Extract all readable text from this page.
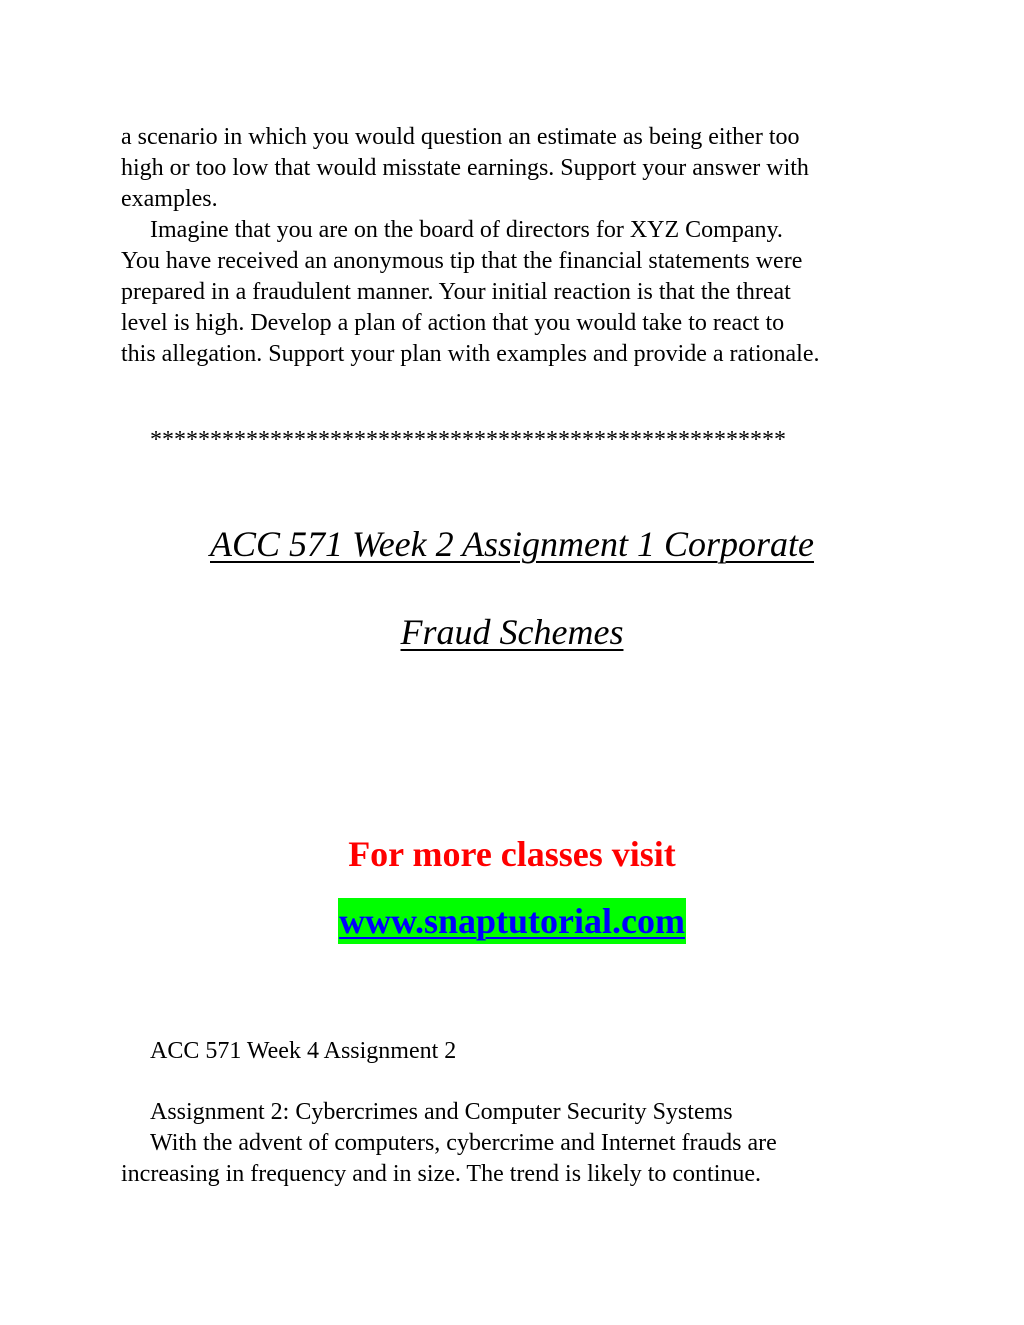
a scenario in which you would question an estimate as being either too
high or too low that would misstate earnings. Support your answer with
examples.
Imagine that you are on the board of directors for XYZ Company.
You have received an anonymous tip that the financial statements were
prepared in a fraudulent manner. Your initial reaction is that the threat
level is high. Develop a plan of action that you would take to react to
this allegation. Support your plan with examples and provide a rationale.
*****************************************************
ACC 571 Week 2 Assignment 1 Corporate
Fraud Schemes
For more classes visit
www.snaptutorial.com
ACC 571 Week 4 Assignment 2
Assignment 2: Cybercrimes and Computer Security Systems
With the advent of computers, cybercrime and Internet frauds are
increasing in frequency and in size. The trend is likely to continue.
